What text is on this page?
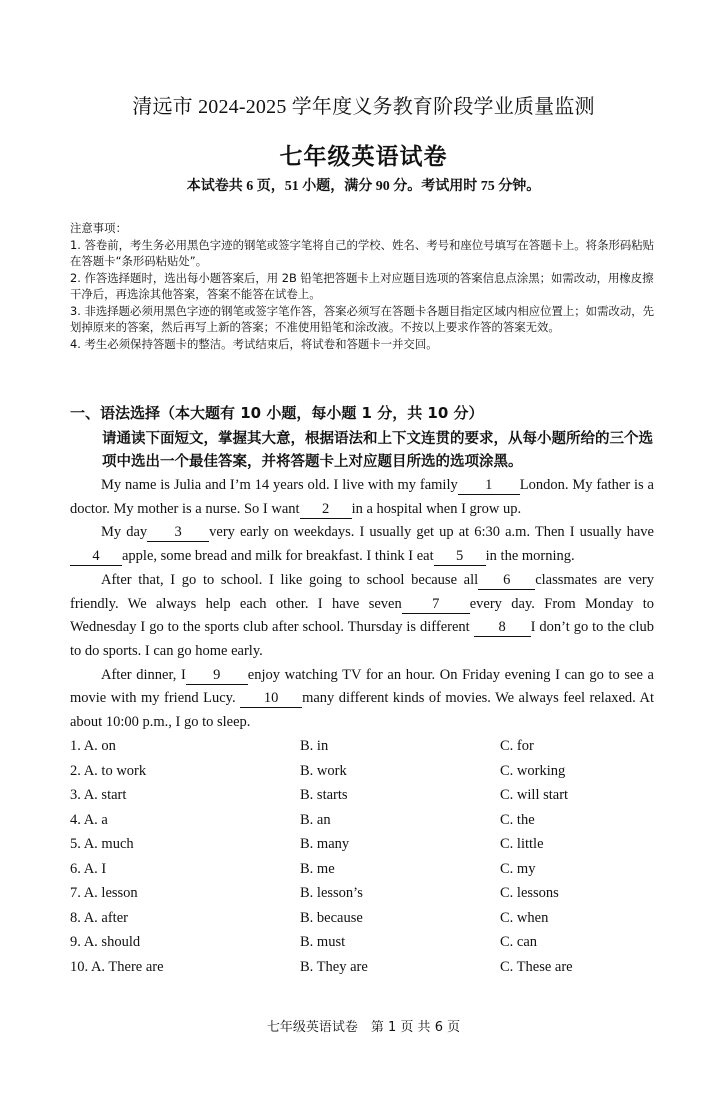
清远市 2024-2025 学年度义务教育阶段学业质量监测
七年级英语试卷
本试卷共 6 页，51 小题，满分 90 分。考试用时 75 分钟。
注意事项：
1. 答卷前，考生务必用黑色字迹的钢笔或签字笔将自己的学校、姓名、考号和座位号填写在答题卡上。将条形码粘贴在答题卡“条形码粘贴处”。
2. 作答选择题时，选出每小题答案后，用 2B 铅笔把答题卡上对应题目选项的答案信息点涂黑；如需改动，用橡皮擦干净后，再选涂其他答案，答案不能答在试卷上。
3. 非选择题必须用黑色字迹的钢笔或签字笔作答，答案必须写在答题卡各题目指定区域内相应位置上；如需改动，先划掉原来的答案，然后再写上新的答案；不准使用铅笔和涂改液。不按以上要求作答的答案无效。
4. 考生必须保持答题卡的整洁。考试结束后，将试卷和答题卡一并交回。
一、语法选择（本大题有 10 小题，每小题 1 分，共 10 分）
请通读下面短文，掌握其大意，根据语法和上下文连贯的要求，从每小题所给的三个选项中选出一个最佳答案，并将答题卡上对应题目所选的选项涂黑。

My name is Julia and I’m 14 years old. I live with my family 1 London. My father is a doctor. My mother is a nurse. So I want 2 in a hospital when I grow up.

My day 3 very early on weekdays. I usually get up at 6:30 a.m. Then I usually have4 apple, some bread and milk for breakfast. I think I eat 5 in the morning.

After that, I go to school. I like going to school because all 6 classmates are very friendly. We always help each other. I have seven 7 every day. From Monday to Wednesday I go to the sports club after school. Thursday is different 8 I don’t go to the club to do sports. I can go home early.

After dinner, I 9 enjoy watching TV for an hour. On Friday evening I can go to see a movie with my friend Lucy. 10 many different kinds of movies. We always feel relaxed. At about 10:00 p.m., I go to sleep.

1. A. on	B. in	C. for
2. A. to work	B. work	C. working
3. A. start	B. starts	C. will start
4. A. a	B. an	C. the
5. A. much	B. many	C. little
6. A. I	B. me	C. my
7. A. lesson	B. lesson’s	C. lessons
8. A. after	B. because	C. when
9. A. should	B. must	C. can
10. A. There are	B. They are	C. These are
七年级英语试卷　第 1 页 共 6 页
